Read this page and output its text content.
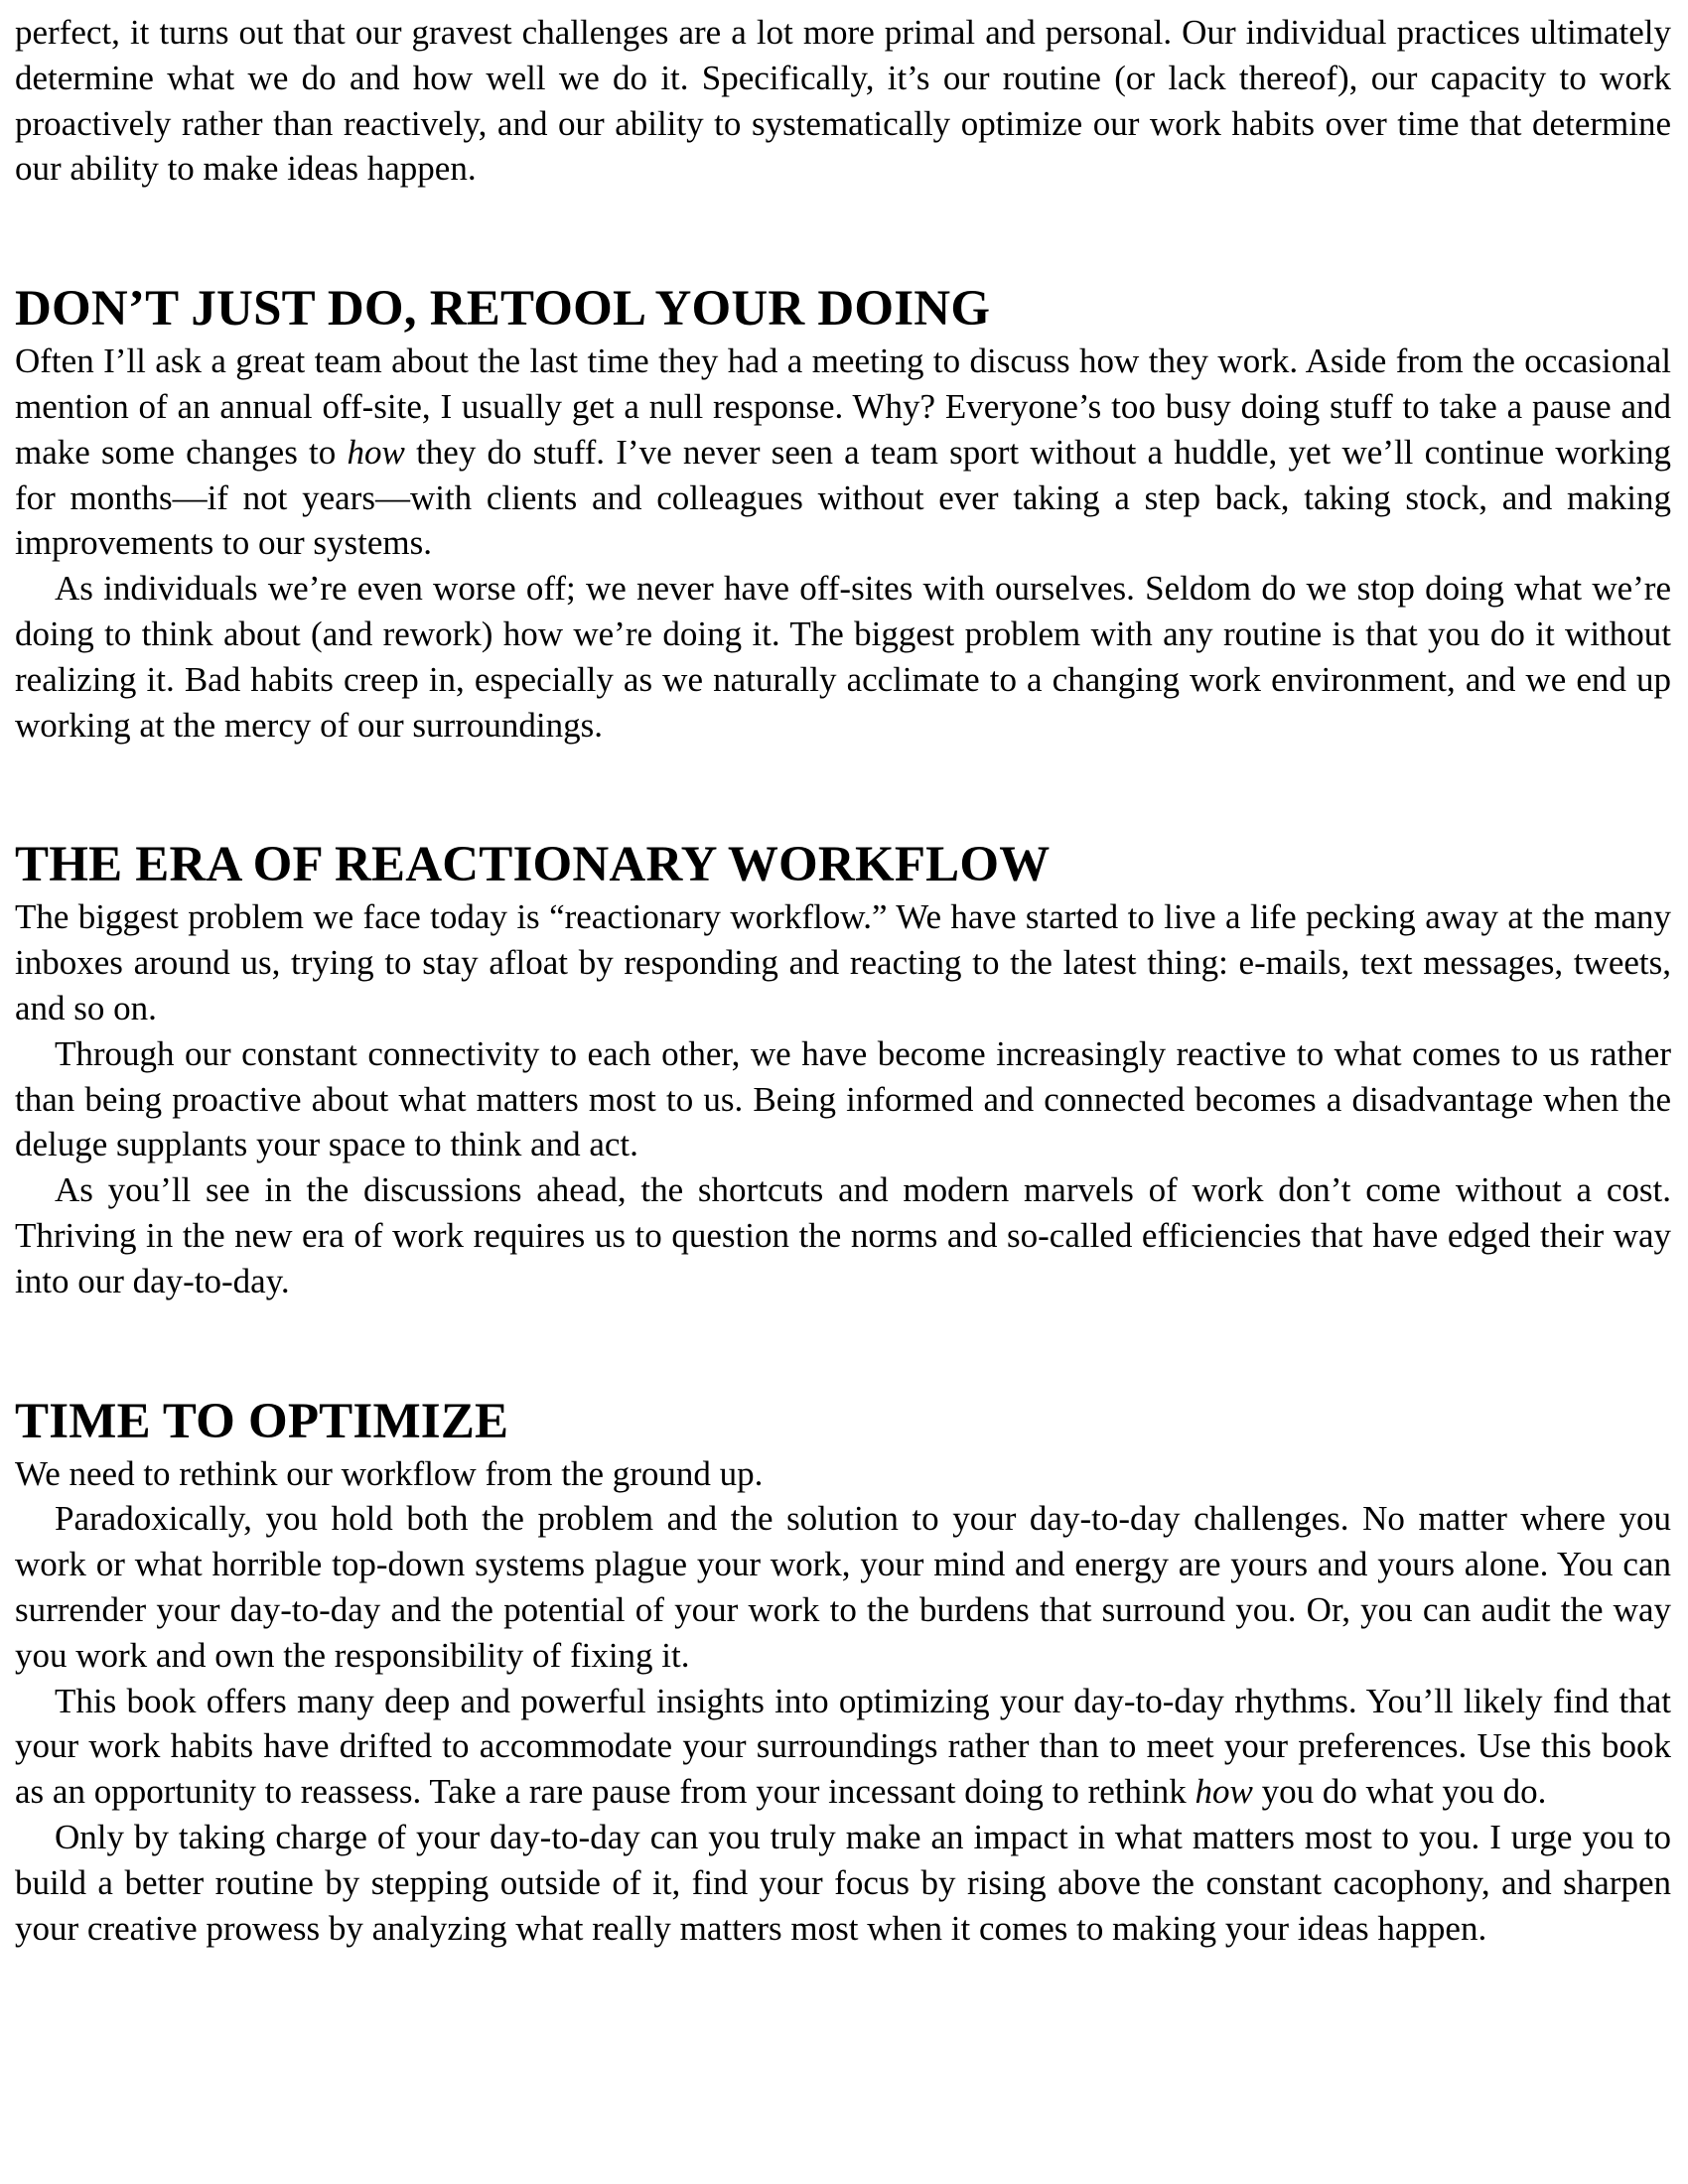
perfect, it turns out that our gravest challenges are a lot more primal and personal. Our individual practices ultimately determine what we do and how well we do it. Specifically, it’s our routine (or lack thereof), our capacity to work proactively rather than reactively, and our ability to systematically optimize our work habits over time that determine our ability to make ideas happen.

DON’T JUST DO, RETOOL YOUR DOING

Often I’ll ask a great team about the last time they had a meeting to discuss how they work. Aside from the occasional mention of an annual off-site, I usually get a null response. Why? Everyone’s too busy doing stuff to take a pause and make some changes to how they do stuff. I’ve never seen a team sport without a huddle, yet we’ll continue working for months—if not years—with clients and colleagues without ever taking a step back, taking stock, and making improvements to our systems.

As individuals we’re even worse off; we never have off-sites with ourselves. Seldom do we stop doing what we’re doing to think about (and rework) how we’re doing it. The biggest problem with any routine is that you do it without realizing it. Bad habits creep in, especially as we naturally acclimate to a changing work environment, and we end up working at the mercy of our surroundings.

THE ERA OF REACTIONARY WORKFLOW

The biggest problem we face today is “reactionary workflow.” We have started to live a life pecking away at the many inboxes around us, trying to stay afloat by responding and reacting to the latest thing: e-mails, text messages, tweets, and so on.

Through our constant connectivity to each other, we have become increasingly reactive to what comes to us rather than being proactive about what matters most to us. Being informed and connected becomes a disadvantage when the deluge supplants your space to think and act.

As you’ll see in the discussions ahead, the shortcuts and modern marvels of work don’t come without a cost. Thriving in the new era of work requires us to question the norms and so-called efficiencies that have edged their way into our day-to-day.

TIME TO OPTIMIZE

We need to rethink our workflow from the ground up.

Paradoxically, you hold both the problem and the solution to your day-to-day challenges. No matter where you work or what horrible top-down systems plague your work, your mind and energy are yours and yours alone. You can surrender your day-to-day and the potential of your work to the burdens that surround you. Or, you can audit the way you work and own the responsibility of fixing it.

This book offers many deep and powerful insights into optimizing your day-to-day rhythms. You’ll likely find that your work habits have drifted to accommodate your surroundings rather than to meet your preferences. Use this book as an opportunity to reassess. Take a rare pause from your incessant doing to rethink how you do what you do.

Only by taking charge of your day-to-day can you truly make an impact in what matters most to you. I urge you to build a better routine by stepping outside of it, find your focus by rising above the constant cacophony, and sharpen your creative prowess by analyzing what really matters most when it comes to making your ideas happen.
